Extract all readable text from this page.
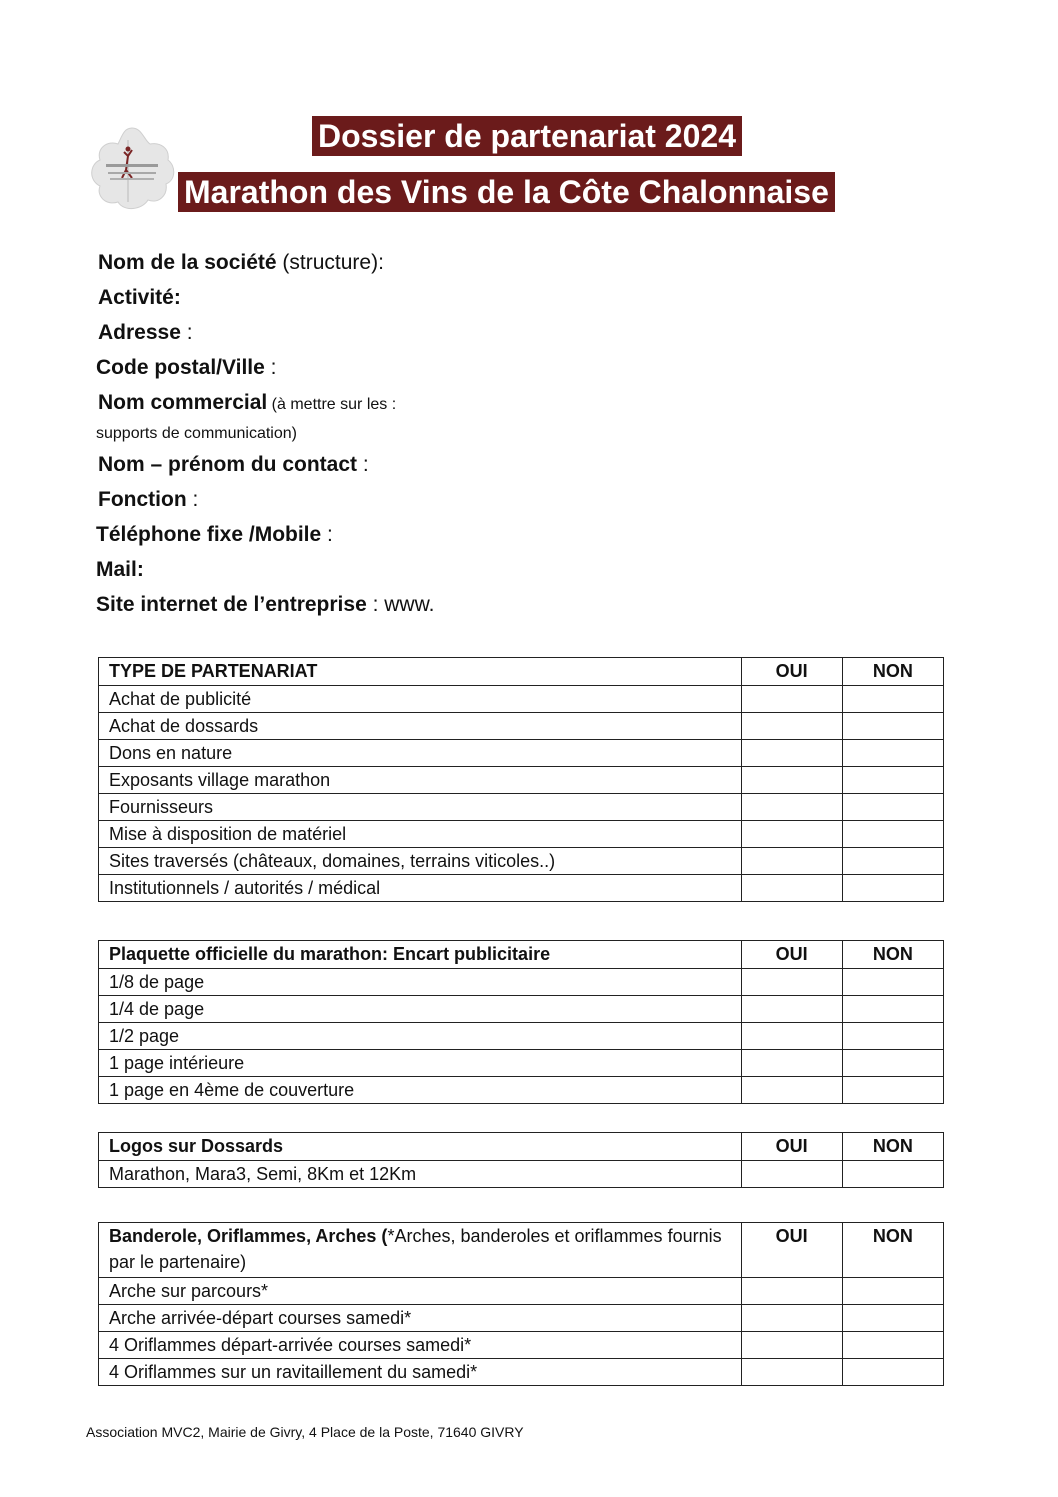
Dossier de partenariat 2024
Marathon des Vins de la Côte Chalonnaise
Nom de la société (structure):
Activité:
Adresse :
Code postal/Ville :
Nom commercial (à mettre sur les :
supports de communication)
Nom – prénom du contact :
Fonction :
Téléphone fixe /Mobile :
Mail:
Site internet de l’entreprise : www.
TYPE DE PARTENARIAT	OUI	NON
Achat de publicité		
Achat de dossards		
Dons en nature		
Exposants village marathon		
Fournisseurs		
Mise à disposition de matériel		
Sites traversés (châteaux, domaines, terrains viticoles..)		
Institutionnels / autorités / médical		
Plaquette officielle du marathon: Encart publicitaire	OUI	NON
1/8 de page		
1/4 de page		
1/2 page		
1 page intérieure		
1 page en 4ème de couverture		
Logos sur Dossards	OUI	NON
Marathon, Mara3, Semi, 8Km et 12Km		
Banderole, Oriflammes, Arches (*Arches, banderoles et oriflammes fournis par le partenaire)	OUI	NON
Arche sur parcours*		
Arche arrivée-départ courses samedi*		
4 Oriflammes départ-arrivée courses samedi*		
4 Oriflammes sur un ravitaillement du samedi*		
Association MVC2, Mairie de Givry, 4 Place de la Poste, 71640 GIVRY
